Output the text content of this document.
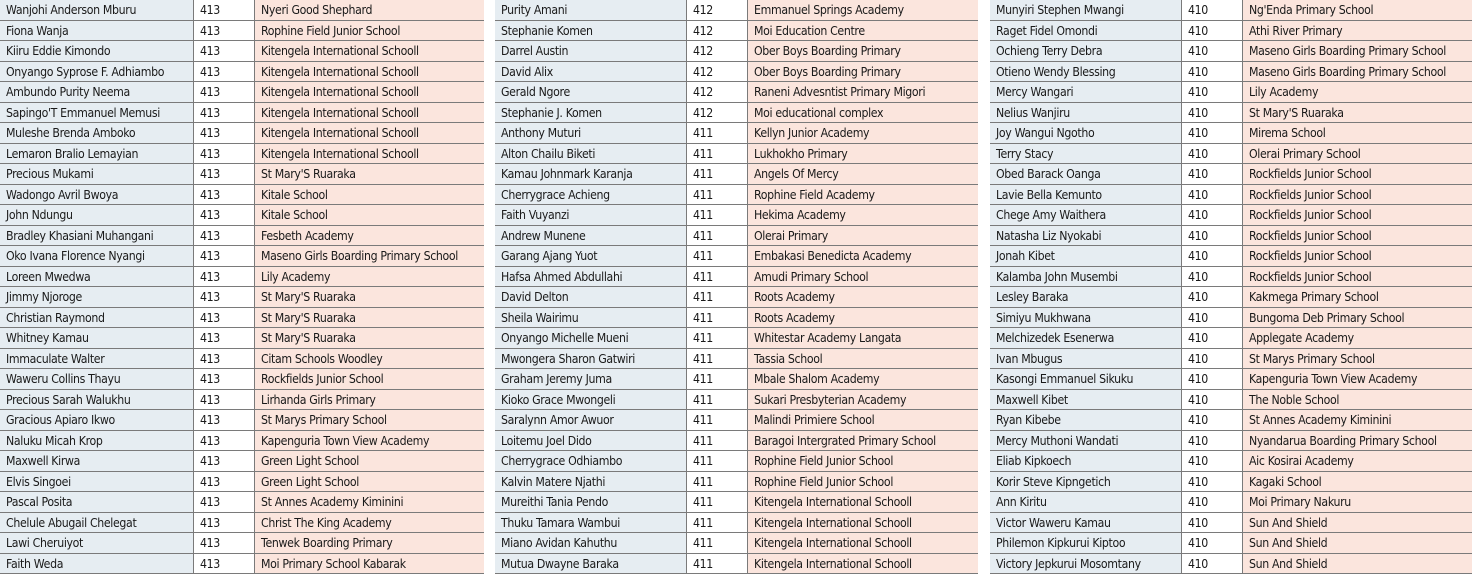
Wanjohi Anderson Mburu	413	Nyeri Good Shephard
Fiona Wanja	413	Rophine Field Junior School
Kiiru Eddie Kimondo	413	Kitengela International Schooll
Onyango Syprose F. Adhiambo	413	Kitengela International Schooll
Ambundo Purity Neema	413	Kitengela International Schooll
Sapingo'T Emmanuel Memusi	413	Kitengela International Schooll
Muleshe Brenda Amboko	413	Kitengela International Schooll
Lemaron Bralio Lemayian	413	Kitengela International Schooll
Precious Mukami	413	St Mary'S Ruaraka
Wadongo Avril Bwoya	413	Kitale School
John Ndungu	413	Kitale School
Bradley Khasiani Muhangani	413	Fesbeth Academy
Oko Ivana Florence Nyangi	413	Maseno Girls Boarding Primary School
Loreen Mwedwa	413	Lily Academy
Jimmy Njoroge	413	St Mary'S Ruaraka
Christian Raymond	413	St Mary'S Ruaraka
Whitney Kamau	413	St Mary'S Ruaraka
Immaculate Walter	413	Citam Schools Woodley
Waweru Collins Thayu	413	Rockfields Junior School
Precious Sarah Walukhu	413	Lirhanda Girls Primary
Gracious Apiaro Ikwo	413	St Marys Primary School
Naluku Micah Krop	413	Kapenguria Town View Academy
Maxwell Kirwa	413	Green Light School
Elvis Singoei	413	Green Light School
Pascal Posita	413	St Annes Academy Kiminini
Chelule Abugail Chelegat	413	Christ The King Academy
Lawi Cheruiyot	413	Tenwek Boarding Primary
Faith Weda	413	Moi Primary School Kabarak
Purity Amani	412	Emmanuel Springs Academy
Stephanie Komen	412	Moi Education Centre
Darrel Austin	412	Ober Boys Boarding Primary
David Alix	412	Ober Boys Boarding Primary
Gerald Ngore	412	Raneni Advesntist Primary Migori
Stephanie J. Komen	412	Moi educational complex
Anthony Muturi	411	Kellyn Junior Academy
Alton Chailu Biketi	411	Lukhokho Primary
Kamau Johnmark Karanja	411	Angels Of Mercy
Cherrygrace Achieng	411	Rophine Field Academy
Faith Vuyanzi	411	Hekima Academy
Andrew Munene	411	Olerai Primary
Garang Ajang Yuot	411	Embakasi Benedicta Academy
Hafsa Ahmed Abdullahi	411	Amudi Primary School
David Delton	411	Roots Academy
Sheila Wairimu	411	Roots Academy
Onyango Michelle Mueni	411	Whitestar Academy Langata
Mwongera Sharon Gatwiri	411	Tassia School
Graham Jeremy Juma	411	Mbale Shalom Academy
Kioko Grace Mwongeli	411	Sukari Presbyterian Academy
Saralynn Amor Awuor	411	Malindi Primiere School
Loitemu Joel Dido	411	Baragoi Intergrated Primary School
Cherrygrace Odhiambo	411	Rophine Field Junior School
Kalvin Matere Njathi	411	Rophine Field Junior School
Mureithi Tania Pendo	411	Kitengela International Schooll
Thuku Tamara Wambui	411	Kitengela International Schooll
Miano Avidan Kahuthu	411	Kitengela International Schooll
Mutua Dwayne Baraka	411	Kitengela International Schooll
Munyiri Stephen Mwangi	410	Ng'Enda Primary School
Raget Fidel Omondi	410	Athi River Primary
Ochieng Terry Debra	410	Maseno Girls Boarding Primary School
Otieno Wendy Blessing	410	Maseno Girls Boarding Primary School
Mercy Wangari	410	Lily Academy
Nelius Wanjiru	410	St Mary'S Ruaraka
Joy Wangui Ngotho	410	Mirema School
Terry Stacy	410	Olerai Primary School
Obed Barack Oanga	410	Rockfields Junior School
Lavie Bella Kemunto	410	Rockfields Junior School
Chege Amy Waithera	410	Rockfields Junior School
Natasha Liz Nyokabi	410	Rockfields Junior School
Jonah Kibet	410	Rockfields Junior School
Kalamba John Musembi	410	Rockfields Junior School
Lesley Baraka	410	Kakmega Primary School
Simiyu Mukhwana	410	Bungoma Deb Primary School
Melchizedek Esenerwa	410	Applegate Academy
Ivan Mbugus	410	St Marys Primary School
Kasongi Emmanuel Sikuku	410	Kapenguria Town View Academy
Maxwell Kibet	410	The Noble School
Ryan Kibebe	410	St Annes Academy Kiminini
Mercy Muthoni Wandati	410	Nyandarua Boarding Primary School
Eliab Kipkoech	410	Aic Kosirai Academy
Korir Steve Kipngetich	410	Kagaki School
Ann Kiritu	410	Moi Primary Nakuru
Victor Waweru Kamau	410	Sun And Shield
Philemon Kipkurui Kiptoo	410	Sun And Shield
Victory Jepkurui Mosomtany	410	Sun And Shield
